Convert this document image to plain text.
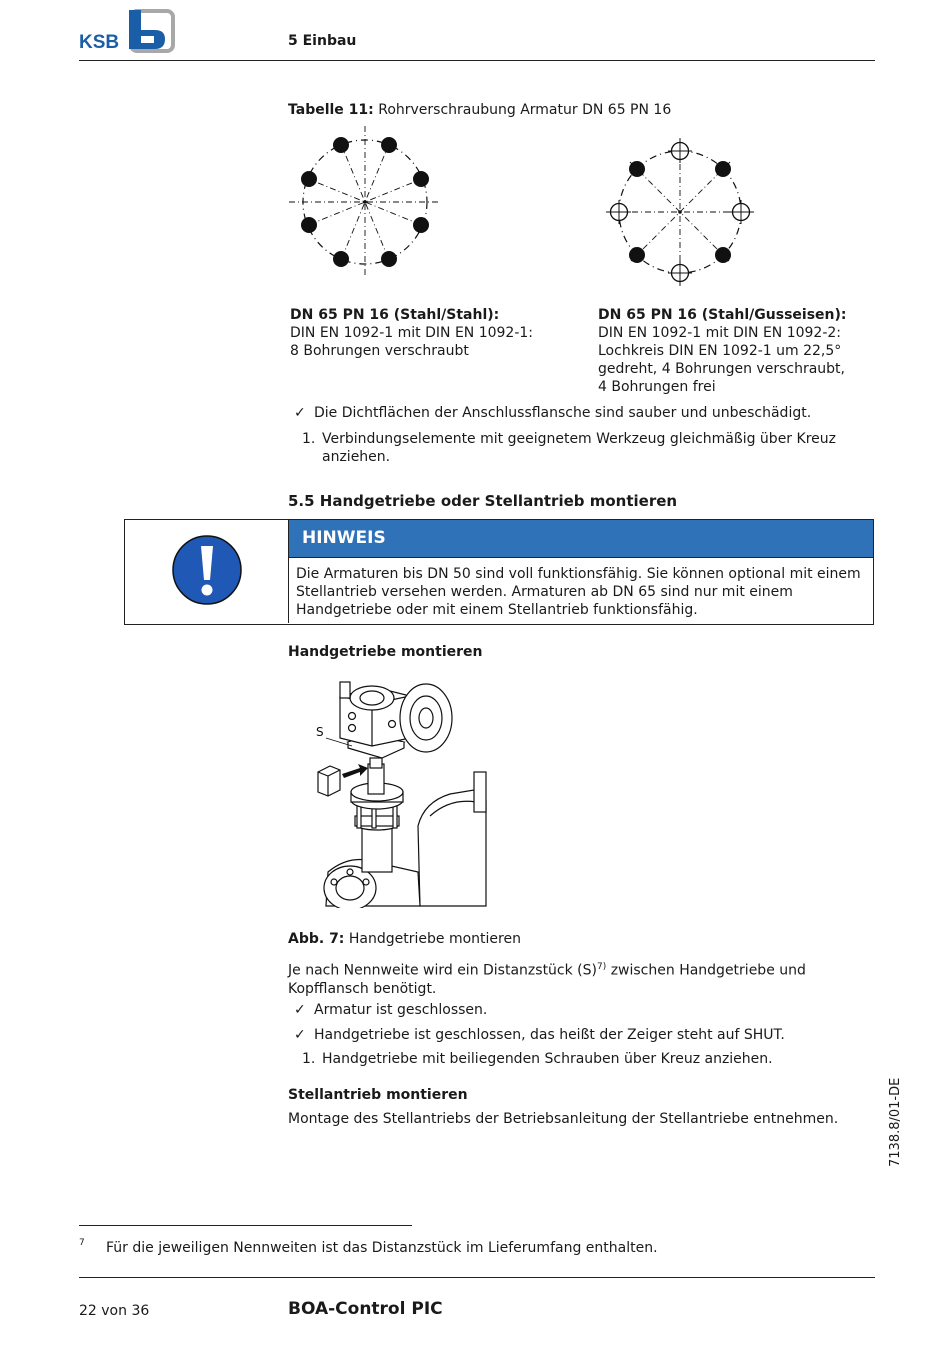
KSB	5 Einbau
Tabelle 11: Rohrverschraubung Armatur DN 65 PN 16
DN 65 PN 16 (Stahl/Stahl):
DIN EN 1092-1 mit DIN EN 1092-1:
8 Bohrungen verschraubt
DN 65 PN 16 (Stahl/Gusseisen):
DIN EN 1092-1 mit DIN EN 1092-2:
Lochkreis DIN EN 1092-1 um 22,5°
gedreht, 4 Bohrungen verschraubt,
4 Bohrungen frei
✓ Die Dichtflächen der Anschlussflansche sind sauber und unbeschädigt.
1. Verbindungselemente mit geeignetem Werkzeug gleichmäßig über Kreuz
anziehen.
5.5 Handgetriebe oder Stellantrieb montieren
HINWEIS
Die Armaturen bis DN 50 sind voll funktionsfähig. Sie können optional mit einem
Stellantrieb versehen werden. Armaturen ab DN 65 sind nur mit einem
Handgetriebe oder mit einem Stellantrieb funktionsfähig.
Handgetriebe montieren
S
Abb. 7: Handgetriebe montieren
Je nach Nennweite wird ein Distanzstück $(S)^{7)}$ zwischen Handgetriebe und
Kopfflansch benötigt.
✓ Armatur ist geschlossen.
✓ Handgetriebe ist geschlossen, das heißt der Zeiger steht auf SHUT.
1. Handgetriebe mit beiliegenden Schrauben über Kreuz anziehen.
Stellantrieb montieren
Montage des Stellantriebs der Betriebsanleitung der Stellantriebe entnehmen.	7138.8/01-DE
7 Für die jeweiligen Nennweiten ist das Distanzstück im Lieferumfang enthalten.
22 von 36	BOA-Control PIC
